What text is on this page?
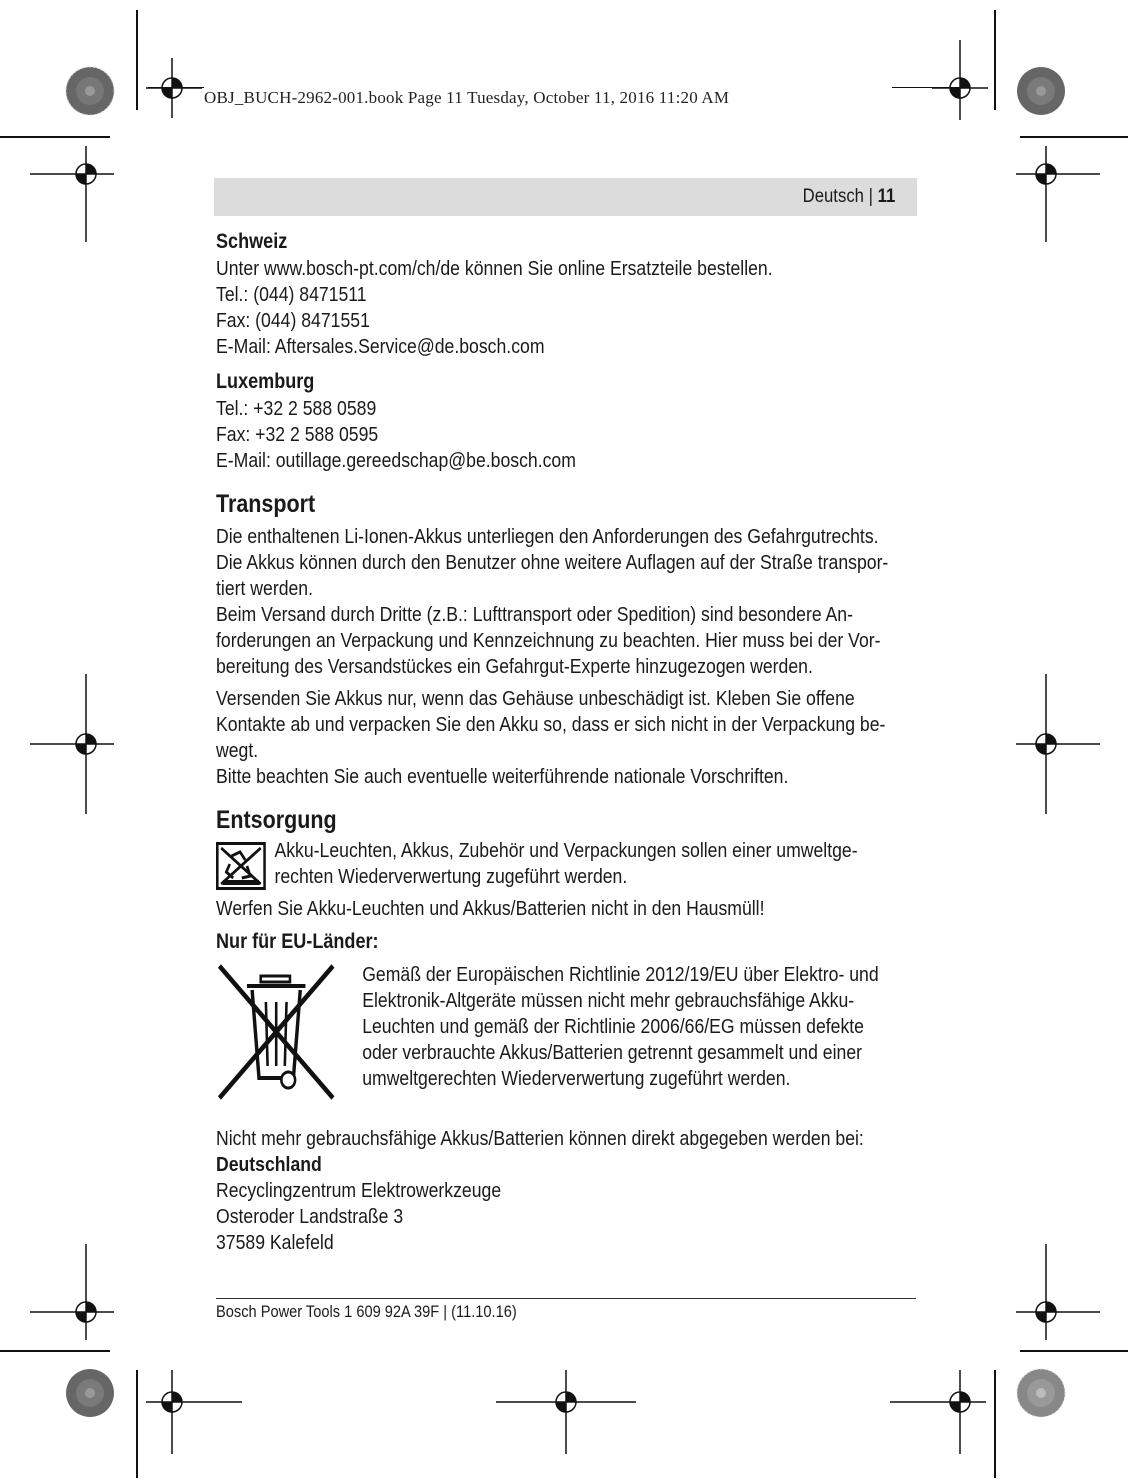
OBJ_BUCH-2962-001.book Page 11 Tuesday, October 11, 2016 11:20 AM
Deutsch | 11
Schweiz
Unter www.bosch-pt.com/ch/de können Sie online Ersatzteile bestellen.
Tel.: (044) 8471511
Fax: (044) 8471551
E-Mail: Aftersales.Service@de.bosch.com
Luxemburg
Tel.: +32 2 588 0589
Fax: +32 2 588 0595
E-Mail: outillage.gereedschap@be.bosch.com
Transport
Die enthaltenen Li-Ionen-Akkus unterliegen den Anforderungen des Gefahrgutrechts.
Die Akkus können durch den Benutzer ohne weitere Auflagen auf der Straße transpor-
tiert werden.
Beim Versand durch Dritte (z.B.: Lufttransport oder Spedition) sind besondere An-
forderungen an Verpackung und Kennzeichnung zu beachten. Hier muss bei der Vor-
bereitung des Versandstückes ein Gefahrgut-Experte hinzugezogen werden.
Versenden Sie Akkus nur, wenn das Gehäuse unbeschädigt ist. Kleben Sie offene
Kontakte ab und verpacken Sie den Akku so, dass er sich nicht in der Verpackung be-
wegt.
Bitte beachten Sie auch eventuelle weiterführende nationale Vorschriften.
Entsorgung
Akku-Leuchten, Akkus, Zubehör und Verpackungen sollen einer umweltge-
rechten Wiederverwertung zugeführt werden.
Werfen Sie Akku-Leuchten und Akkus/Batterien nicht in den Hausmüll!
Nur für EU-Länder:
Gemäß der Europäischen Richtlinie 2012/19/EU über Elektro- und
Elektronik-Altgeräte müssen nicht mehr gebrauchsfähige Akku-
Leuchten und gemäß der Richtlinie 2006/66/EG müssen defekte
oder verbrauchte Akkus/Batterien getrennt gesammelt und einer
umweltgerechten Wiederverwertung zugeführt werden.
Nicht mehr gebrauchsfähige Akkus/Batterien können direkt abgegeben werden bei:
Deutschland
Recyclingzentrum Elektrowerkzeuge
Osteroder Landstraße 3
37589 Kalefeld
Bosch Power Tools 1 609 92A 39F | (11.10.16)
